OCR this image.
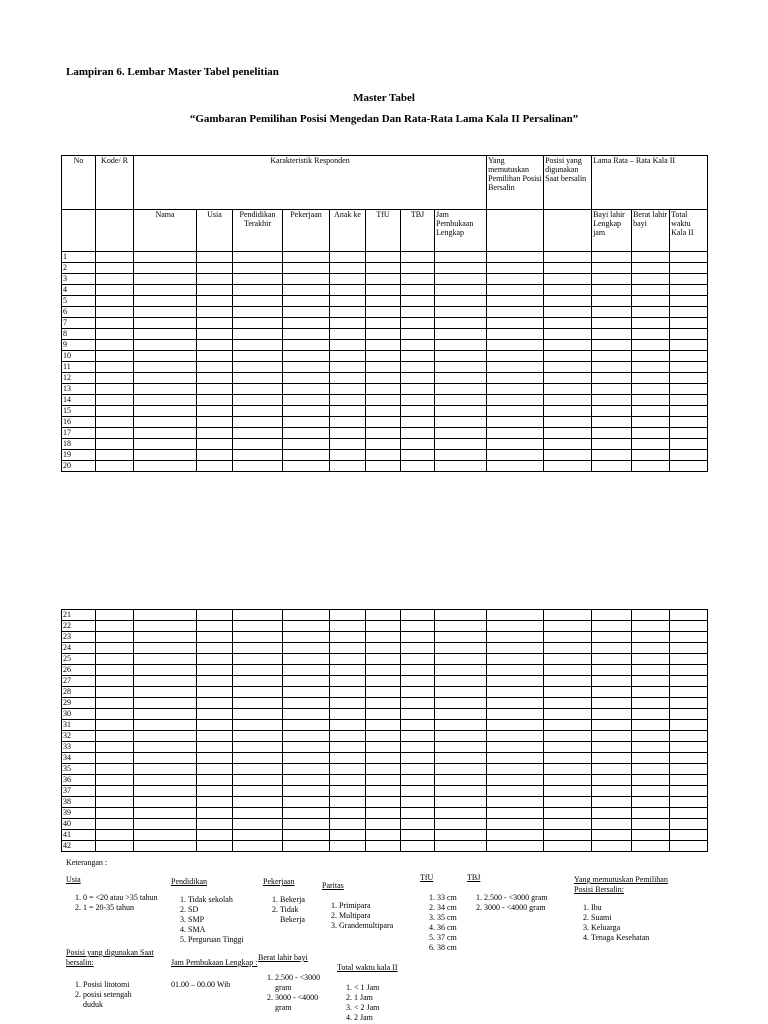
Lampiran 6. Lembar Master Tabel penelitian
Master Tabel
“Gambaran Pemilihan Posisi Mengedan Dan Rata-Rata Lama Kala II Persalinan”
No	Kode/ R	Karakteristik Responden								Yang memutuskan Pemilihan Posisi Bersalin	Posisi yang digunakan Saat bersalin	Lama Rata – Rata Kala II		
		Nama	Usia	Pendidikan Terakhir	Pekerjaan	Anak ke	TfU	TBJ	Jam Pembukaan Lengkap			Bayi lahir Lengkap jam	Berat lahir bayi	Total waktu Kala II
1														
2														
3														
4														
5														
6														
7														
8														
9														
10														
11														
12														
13														
14														
15														
16														
17														
18														
19														
20														
21														
22														
23														
24														
25														
26														
27														
28														
29														
30														
31														
32														
33														
34														
35														
36														
37														
38														
39														
40														
41														
42														
Keterangan :
Usia
1. 0 = <20 atau >35 tahun
2. 1 = 20-35 tahun
Pendidikan
1. Tidak sekolah
2. SD
3. SMP
4. SMA
5. Perguruan Tinggi
Pekerjaan
1. Bekerja
2. Tidak Bekerja
Paritas
1. Primipara
2. Multipara
3. Grandemultipara
TfU
1. 33 cm
2. 34 cm
3. 35 cm
4. 36 cm
5. 37 cm
6. 38 cm
TBJ
1. 2.500 - <3000 gram
2. 3000 - <4000 gram
Yang memutuskan Pemilihan Posisi Bersalin:
1. Ibu
2. Suami
3. Keluarga
4. Tenaga Kesehatan
Posisi yang digunakan Saat bersalin:
1. Posisi litotomi
2. posisi setengah duduk
Jam Pembukaan Lengkap :
01.00 – 00.00 Wib
Berat lahir bayi
1. 2.500 - <3000 gram
2. 3000 - <4000 gram
Total waktu kala II
1. < 1 Jam
2. 1 Jam
3. < 2 Jam
4. 2 Jam
